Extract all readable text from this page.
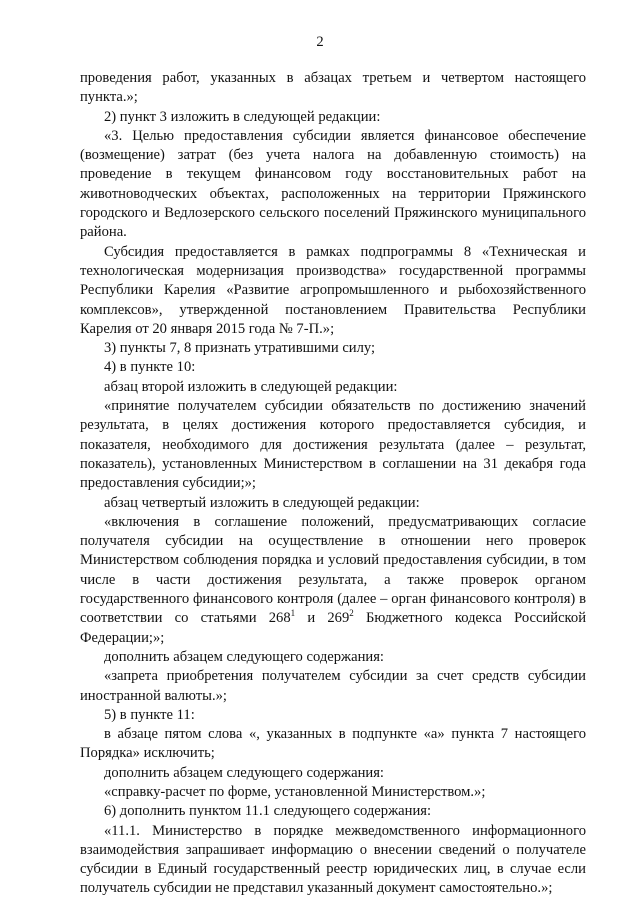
2

проведения работ, указанных в абзацах третьем и четвертом настоящего пункта.»;

2) пункт 3 изложить в следующей редакции:

«3. Целью предоставления субсидии является финансовое обеспечение (возмещение) затрат (без учета налога на добавленную стоимость) на проведение в текущем финансовом году восстановительных работ на животноводческих объектах, расположенных на территории Пряжинского городского и Ведлозерского сельского поселений Пряжинского муниципального района.

Субсидия предоставляется в рамках подпрограммы 8 «Техническая и технологическая модернизация производства» государственной программы Республики Карелия «Развитие агропромышленного и рыбохозяйственного комплексов», утвержденной постановлением Правительства Республики Карелия от 20 января 2015 года № 7-П.»;

3) пункты 7, 8 признать утратившими силу;

4) в пункте 10:

абзац второй изложить в следующей редакции:

«принятие получателем субсидии обязательств по достижению значений результата, в целях достижения которого предоставляется субсидия, и показателя, необходимого для достижения результата (далее – результат, показатель), установленных Министерством в соглашении на 31 декабря года предоставления субсидии;»;

абзац четвертый изложить в следующей редакции:

«включения в соглашение положений, предусматривающих согласие получателя субсидии на осуществление в отношении него проверок Министерством соблюдения порядка и условий предоставления субсидии, в том числе в части достижения результата, а также проверок органом государственного финансового контроля (далее – орган финансового контроля) в соответствии со статьями $268^1$ и $269^2$ Бюджетного кодекса Российской Федерации;»;

дополнить абзацем следующего содержания:

«запрета приобретения получателем субсидии за счет средств субсидии иностранной валюты.»;

5) в пункте 11:

в абзаце пятом слова «, указанных в подпункте «а» пункта 7 настоящего Порядка» исключить;

дополнить абзацем следующего содержания:

«справку-расчет по форме, установленной Министерством.»;

6) дополнить пунктом 11.1 следующего содержания:

«11.1. Министерство в порядке межведомственного информационного взаимодействия запрашивает информацию о внесении сведений о получателе субсидии в Единый государственный реестр юридических лиц, в случае если получатель субсидии не представил указанный документ самостоятельно.»;
